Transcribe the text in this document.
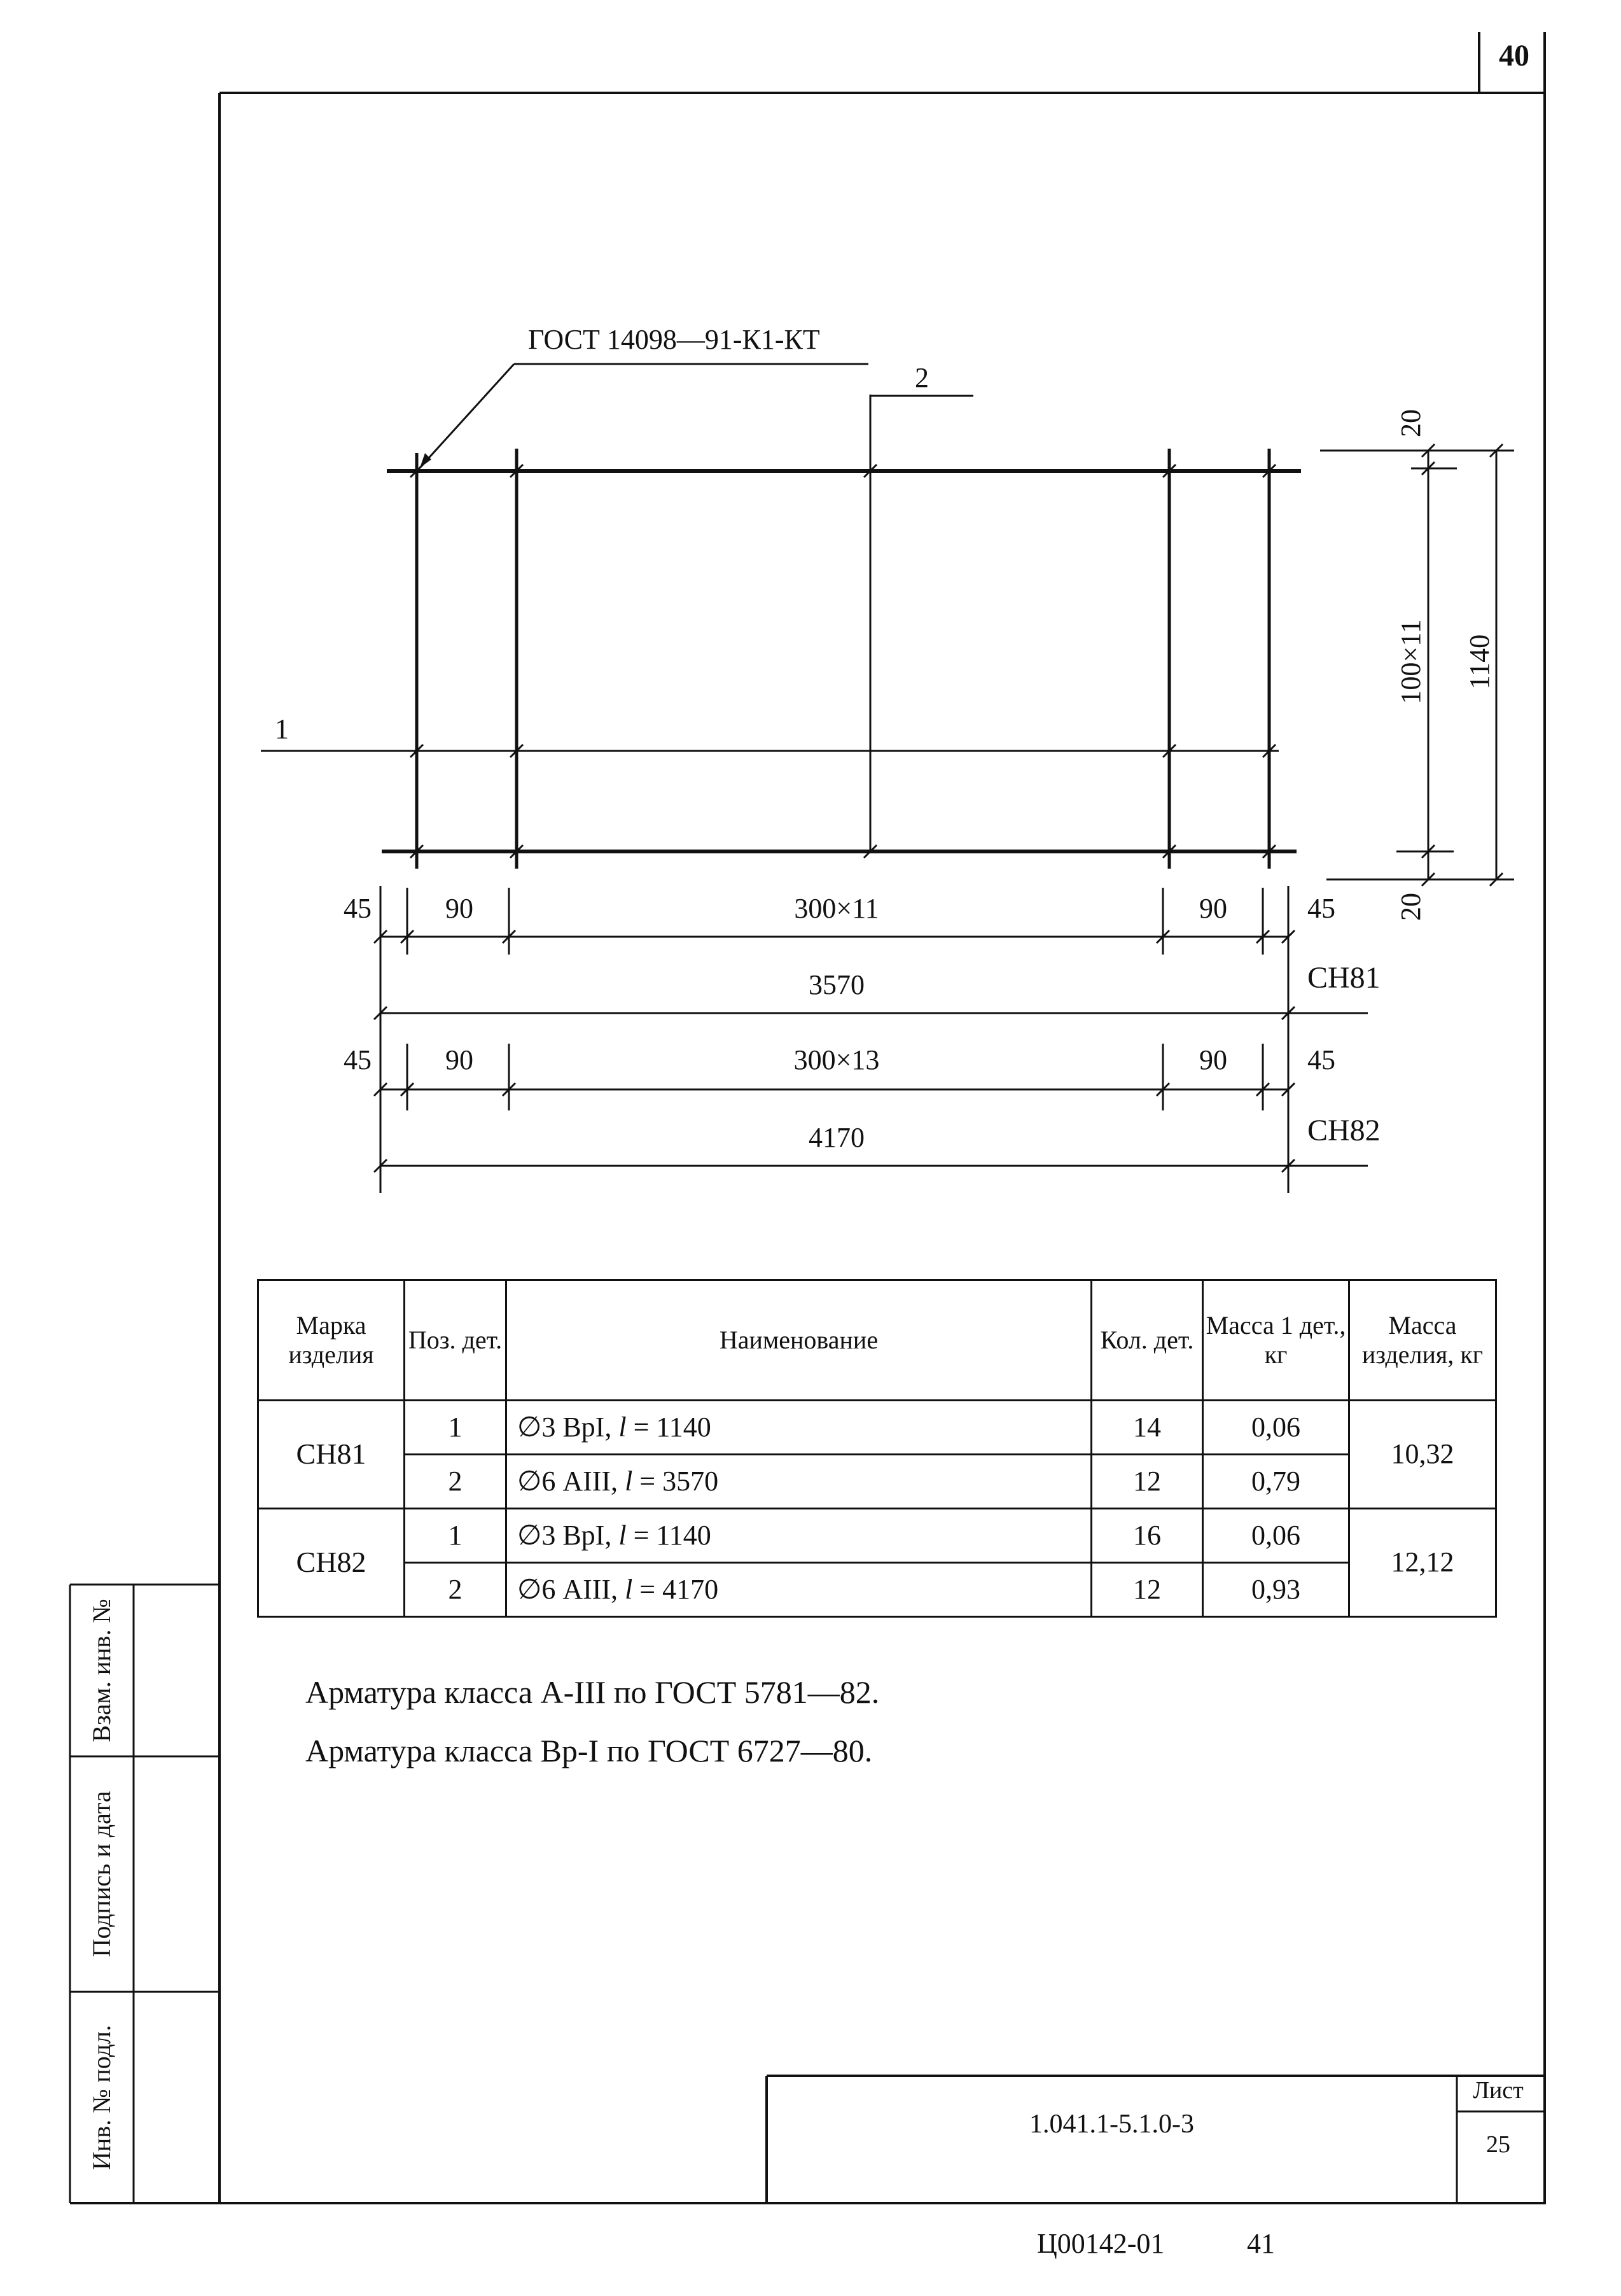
ГОСТ 14098—91-К1-КТ
2
1
20
100×11 1140
20
45	90	300×11	90	45
3570	СН81
45	90	300×13	90	45
4170	СН82
40
Марка изделия	Поз. дет.	Наименование	Кол. дет.	Масса 1 дет., кг	Масса изделия, кг
СН81	1	∅3 ВрI, l = 1140	14	0,06	10,32
	2	∅6 АIII, l = 3570	12	0,79	
СН82	1	∅3 ВрI, l = 1140	16	0,06	12,12
	2	∅6 АIII, l = 4170	12	0,93	
Арматура класса А-III по ГОСТ 5781—82.
Арматура класса Вр-I по ГОСТ 6727—80.
Взам. инв. №
Подпись и дата
Инв. № подл.	1.041.1-5.1.0-3
Лист
25
Ц00142-01	41
